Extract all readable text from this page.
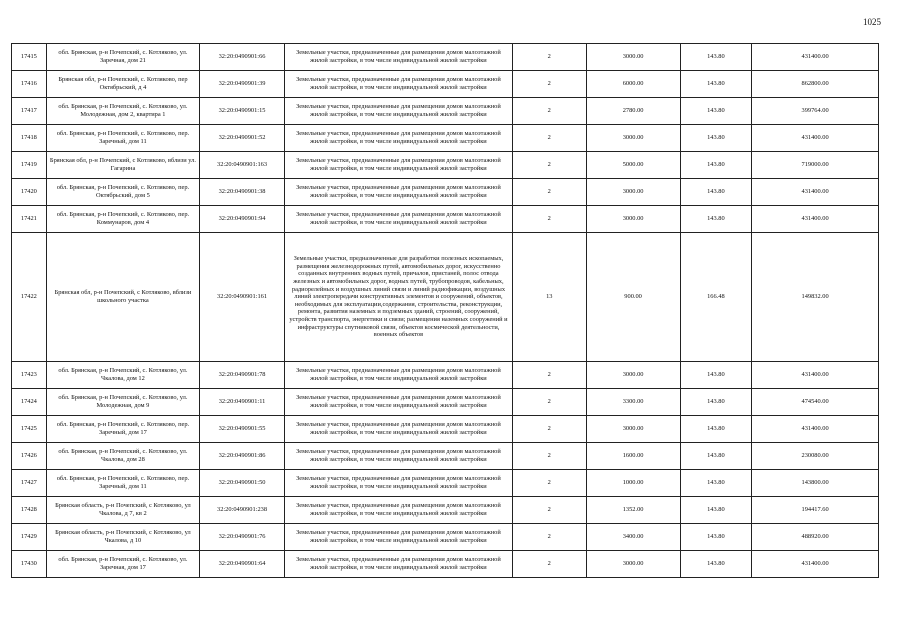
1025
17415	обл. Брянская, р-н Почепский, с. Котляково, ул. Заречная, дом 21	32:20:0490901:66	Земельные участки, предназначенные для размещения домов малоэтажной жилой застройки, в том числе индивидуальной жилой застройки	2	3000.00	143.80	431400.00
17416	Брянская обл, р-н Почепский, с. Котляково, пер Октябрьский, д 4	32:20:0490901:39	Земельные участки, предназначенные для размещения домов малоэтажной жилой застройки, в том числе индивидуальной жилой застройки	2	6000.00	143.80	862800.00
17417	обл. Брянская, р-н Почепский, с. Котляково, ул. Молодежная, дом 2, квартира 1	32:20:0490901:15	Земельные участки, предназначенные для размещения домов малоэтажной жилой застройки, в том числе индивидуальной жилой застройки	2	2780.00	143.80	399764.00
17418	обл. Брянская, р-н Почепский, с. Котляково, пер. Заречный, дом 11	32:20:0490901:52	Земельные участки, предназначенные для размещения домов малоэтажной жилой застройки, в том числе индивидуальной жилой застройки	2	3000.00	143.80	431400.00
17419	Брянская обл, р-н Почепский, с Котляково, вблизи ул. Гагарина	32:20:0490901:163	Земельные участки, предназначенные для размещения домов малоэтажной жилой застройки, в том числе индивидуальной жилой застройки	2	5000.00	143.80	719000.00
17420	обл. Брянская, р-н Почепский, с. Котляково, пер. Октябрьский, дом 5	32:20:0490901:38	Земельные участки, предназначенные для размещения домов малоэтажной жилой застройки, в том числе индивидуальной жилой застройки	2	3000.00	143.80	431400.00
17421	обл. Брянская, р-н Почепский, с. Котляково, пер. Коммунаров, дом 4	32:20:0490901:94	Земельные участки, предназначенные для размещения домов малоэтажной жилой застройки, в том числе индивидуальной жилой застройки	2	3000.00	143.80	431400.00
17422	Брянская обл, р-н Почепский, с Котляково, вблизи школьного участка	32:20:0490901:161	Земельные участки, предназначенные для разработки полезных ископаемых, размещения железнодорожных путей, автомобильных дорог, искусственно созданных внутренних водных путей, причалов, пристаней, полос отвода железных и автомобильных дорог, водных путей, трубопроводов, кабельных, радиорелейных и воздушных линий связи и линий радиофикации, воздушных линий электропередачи конструктивных элементов и сооружений, объектов, необходимых для эксплуатации,содержания, строительства, реконструкции, ремонта, развития наземных и подземных зданий, строений, сооружений, устройств транспорта, энергетики и связи; размещения наземных сооружений и инфраструктуры спутниковой связи, объектов космической деятельности, военных объектов	13	900.00	166.48	149832.00
17423	обл. Брянская, р-н Почепский, с. Котляково, ул. Чкалова, дом 12	32:20:0490901:78	Земельные участки, предназначенные для размещения домов малоэтажной жилой застройки, в том числе индивидуальной жилой застройки	2	3000.00	143.80	431400.00
17424	обл. Брянская, р-н Почепский, с. Котляково, ул. Молодежная, дом 9	32:20:0490901:11	Земельные участки, предназначенные для размещения домов малоэтажной жилой застройки, в том числе индивидуальной жилой застройки	2	3300.00	143.80	474540.00
17425	обл. Брянская, р-н Почепский, с. Котляково, пер. Заречный, дом 17	32:20:0490901:55	Земельные участки, предназначенные для размещения домов малоэтажной жилой застройки, в том числе индивидуальной жилой застройки	2	3000.00	143.80	431400.00
17426	обл. Брянская, р-н Почепский, с. Котляково, ул. Чкалова, дом 28	32:20:0490901:86	Земельные участки, предназначенные для размещения домов малоэтажной жилой застройки, в том числе индивидуальной жилой застройки	2	1600.00	143.80	230080.00
17427	обл. Брянская, р-н Почепский, с. Котляково, пер. Заречный, дом 11	32:20:0490901:50	Земельные участки, предназначенные для размещения домов малоэтажной жилой застройки, в том числе индивидуальной жилой застройки	2	1000.00	143.80	143800.00
17428	Брянская область, р-н Почепский, с Котляково, ул Чкалова, д 7, кв 2	32:20:0490901:238	Земельные участки, предназначенные для размещения домов малоэтажной жилой застройки, в том числе индивидуальной жилой застройки	2	1352.00	143.80	194417.60
17429	Брянская область, р-н Почепский, с Котляково, ул Чкалова, д 10	32:20:0490901:76	Земельные участки, предназначенные для размещения домов малоэтажной жилой застройки, в том числе индивидуальной жилой застройки	2	3400.00	143.80	488920.00
17430	обл. Брянская, р-н Почепский, с. Котляково, ул. Заречная, дом 17	32:20:0490901:64	Земельные участки, предназначенные для размещения домов малоэтажной жилой застройки, в том числе индивидуальной жилой застройки	2	3000.00	143.80	431400.00
